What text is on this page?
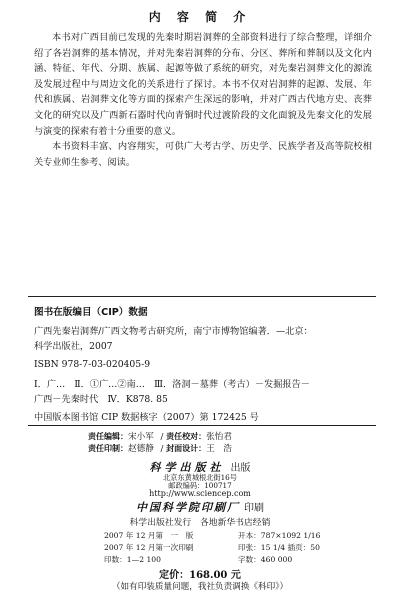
内 容 简 介

本书对广西目前已发现的先秦时期岩洞葬的全部资料进行了综合整理，详细介绍了各岩洞葬的基本情况，并对先秦岩洞葬的分布、分区、葬所和葬制以及文化内涵、特征、年代、分期、族属、起源等做了系统的研究，对先秦岩洞葬文化的源流及发展过程中与周边文化的关系进行了探讨。本书不仅对岩洞葬的起源、发展、年代和族属、岩洞葬文化等方面的探索产生深远的影响，并对广西古代地方史、丧葬文化的研究以及广西新石器时代向青铜时代过渡阶段的文化面貌及先秦文化的发展与演变的探索有着十分重要的意义。

本书资料丰富、内容翔实，可供广大考古学、历史学、民族学者及高等院校相关专业师生参考、阅读。

图书在版编目（CIP）数据
广西先秦岩洞葬/广西文物考古研究所，南宁市博物馆编著．—北京：
科学出版社，2007
ISBN 978-7-03-020405-9
Ⅰ．广…　Ⅱ．①广…②南…　Ⅲ．洛洞－墓葬（考古）－发掘报告－
广西－先秦时代　Ⅳ．K878. 85
中国版本图书馆 CIP 数据核字（2007）第 172425 号
责任编辑：宋小军 / 责任校对：张怡君
责任印制：赵德静 / 封面设计：王　浩
科学出版社 出版
北京东黄城根北街16号
邮政编码：100717
http://www.sciencep.com
中国科学院印刷厂 印刷
科学出版社发行　各地新华书店经销
2007 年 12 月第　一　版	开本：787×1092 1/16
2007 年 12 月第一次印刷	印张：15 1/4 插页：50
印数：1—2 100	字数：460 000
定价：168.00 元
（如有印装质量问题，我社负责调换《科印》）
